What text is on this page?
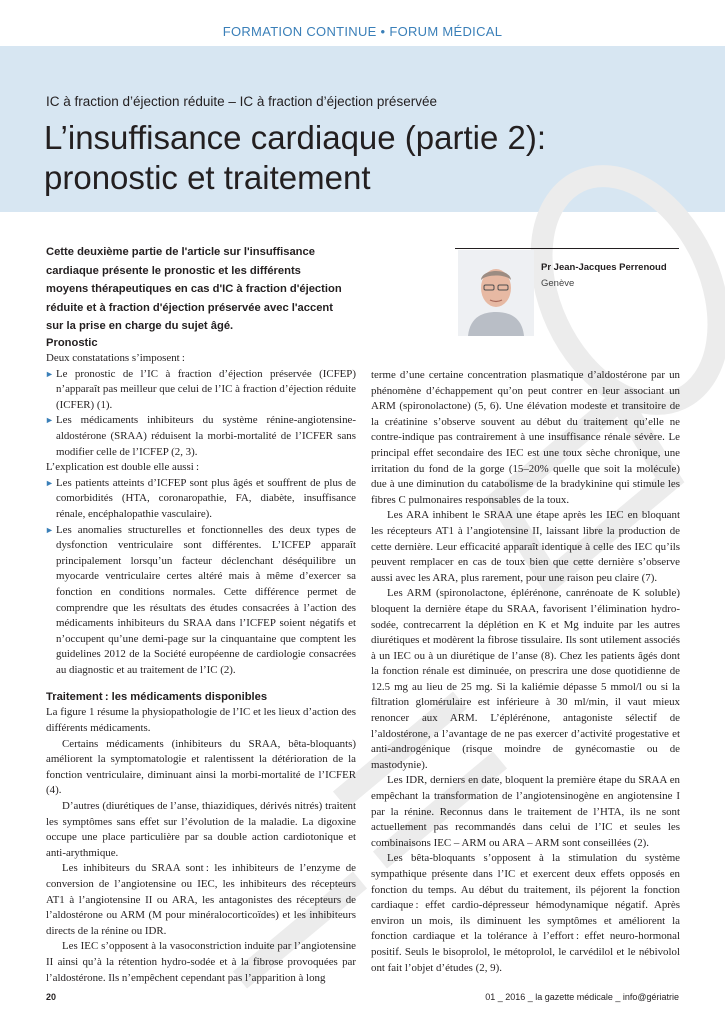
FORMATION CONTINUE • FORUM MÉDICAL
IC à fraction d’éjection réduite – IC à fraction d’éjection préservée
L’insuffisance cardiaque (partie 2):
pronostic et traitement
Cette deuxième partie de l'article sur l'insuffisance cardiaque présente le pronostic et les différents moyens thérapeutiques en cas d'IC à fraction d'éjection réduite et à fraction d'éjection préservée avec l'accent sur la prise en charge du sujet âgé.
Pr Jean-Jacques Perrenoud
Genève
Pronostic

Deux constatations s’imposent :

► Le pronostic de l’IC à fraction d’éjection préservée (ICFEP) n’apparaît pas meilleur que celui de l’IC à fraction d’éjection réduite (ICFER) (1).

► Les médicaments inhibiteurs du système rénine-angiotensine-aldostérone (SRAA) réduisent la morbi-mortalité de l’ICFER sans modifier celle de l’ICFEP (2, 3).

L’explication est double elle aussi :

► Les patients atteints d’ICFEP sont plus âgés et souffrent de plus de comorbidités (HTA, coronaropathie, FA, diabète, insuffisance rénale, encéphalopathie vasculaire).

► Les anomalies structurelles et fonctionnelles des deux types de dysfonction ventriculaire sont différentes. L’ICFEP apparaît principalement lorsqu’un facteur déclenchant déséquilibre un myocarde ventriculaire certes altéré mais à même d’exercer sa fonction en conditions normales. Cette différence permet de comprendre que les résultats des études consacrées à l’action des médicaments inhibiteurs du SRAA dans l’ICFEP soient négatifs et n’occupent qu’une demi-page sur la cinquantaine que comptent les guidelines 2012 de la Société européenne de cardiologie consacrées au diagnostic et au traitement de l’IC (2).

Traitement : les médicaments disponibles

La figure 1 résume la physiopathologie de l’IC et les lieux d’action des différents médicaments.

Certains médicaments (inhibiteurs du SRAA, bêta-bloquants) améliorent la symptomatologie et ralentissent la détérioration de la fonction ventriculaire, diminuant ainsi la morbi-mortalité de l’ICFER (4).

D’autres (diurétiques de l’anse, thiazidiques, dérivés nitrés) traitent les symptômes sans effet sur l’évolution de la maladie. La digoxine occupe une place particulière par sa double action cardiotonique et anti-arythmique.

Les inhibiteurs du SRAA sont : les inhibiteurs de l’enzyme de conversion de l’angiotensine ou IEC, les inhibiteurs des récepteurs AT1 à l’angiotensine II ou ARA, les antagonistes des récepteurs de l’aldostérone ou ARM (M pour minéralocorticoïdes) et les inhibiteurs directs de la rénine ou IDR.

Les IEC s’opposent à la vasoconstriction induite par l’angiotensine II ainsi qu’à la rétention hydro-sodée et à la fibrose provoquées par l’aldostérone. Ils n’empêchent cependant pas l’apparition à long

terme d’une certaine concentration plasmatique d’aldostérone par un phénomène d’échappement qu’on peut contrer en leur associant un ARM (spironolactone) (5, 6). Une élévation modeste et transitoire de la créatinine s’observe souvent au début du traitement qu’elle ne contre-indique pas contrairement à une insuffisance rénale sévère. Le principal effet secondaire des IEC est une toux sèche chronique, une irritation du fond de la gorge (15–20% quelle que soit la molécule) due à une diminution du catabolisme de la bradykinine qui stimule les fibres C pulmonaires responsables de la toux.

Les ARA inhibent le SRAA une étape après les IEC en bloquant les récepteurs AT1 à l’angiotensine II, laissant libre la production de cette dernière. Leur efficacité apparaît identique à celle des IEC qu’ils peuvent remplacer en cas de toux bien que cette dernière s’observe aussi avec les ARA, plus rarement, pour une raison peu claire (7).

Les ARM (spironolactone, éplérénone, canrénoate de K soluble) bloquent la dernière étape du SRAA, favorisent l’élimination hydro-sodée, contrecarrent la déplétion en K et Mg induite par les autres diurétiques et modèrent la fibrose tissulaire. Ils sont utilement associés à un IEC ou à un diurétique de l’anse (8). Chez les patients âgés dont la fonction rénale est diminuée, on prescrira une dose quotidienne de 12.5 mg au lieu de 25 mg. Si la kaliémie dépasse 5 mmol/l ou si la filtration glomérulaire est inférieure à 30 ml/min, il vaut mieux renoncer aux ARM. L’éplérénone, antagoniste sélectif de l’aldostérone, a l’avantage de ne pas exercer d’activité progestative et anti-androgénique (risque moindre de gynécomastie ou de mastodynie).

Les IDR, derniers en date, bloquent la première étape du SRAA en empêchant la transformation de l’angiotensinogène en angiotensine I par la rénine. Reconnus dans le traitement de l’HTA, ils ne sont actuellement pas recommandés dans celui de l’IC et seules les combinaisons IEC – ARM ou ARA – ARM sont conseillées (2).

Les bêta-bloquants s’opposent à la stimulation du système sympathique présente dans l’IC et exercent deux effets opposés en fonction du temps. Au début du traitement, ils péjorent la fonction cardiaque : effet cardio-dépresseur hémodynamique négatif. Après environ un mois, ils diminuent les symptômes et améliorent la fonction cardiaque et la tolérance à l’effort : effet neuro-hormonal positif. Seuls le bisoprolol, le métoprolol, le carvédilol et le nébivolol ont fait l’objet d’études (2, 9).

20	01 _ 2016 _ la gazette médicale _ info@gériatrie
